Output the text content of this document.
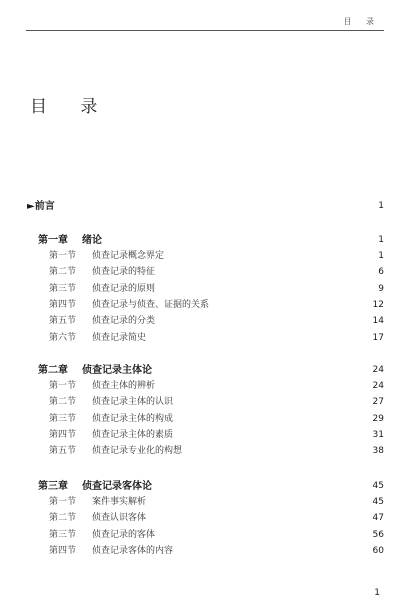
目 录
目 录
►前言	1
第一章 绪论	1
第一节 侦查记录概念界定	1
第二节 侦查记录的特征	6
第三节 侦查记录的原则	9
第四节 侦查记录与侦查、证据的关系	12
第五节 侦查记录的分类	14
第六节 侦查记录简史	17
第二章 侦查记录主体论	24
第一节 侦查主体的辨析	24
第二节 侦查记录主体的认识	27
第三节 侦查记录主体的构成	29
第四节 侦查记录主体的素质	31
第五节 侦查记录专业化的构想	38
第三章 侦查记录客体论	45
第一节 案件事实解析	45
第二节 侦查认识客体	47
第三节 侦查记录的客体	56
第四节 侦查记录客体的内容	60
1
